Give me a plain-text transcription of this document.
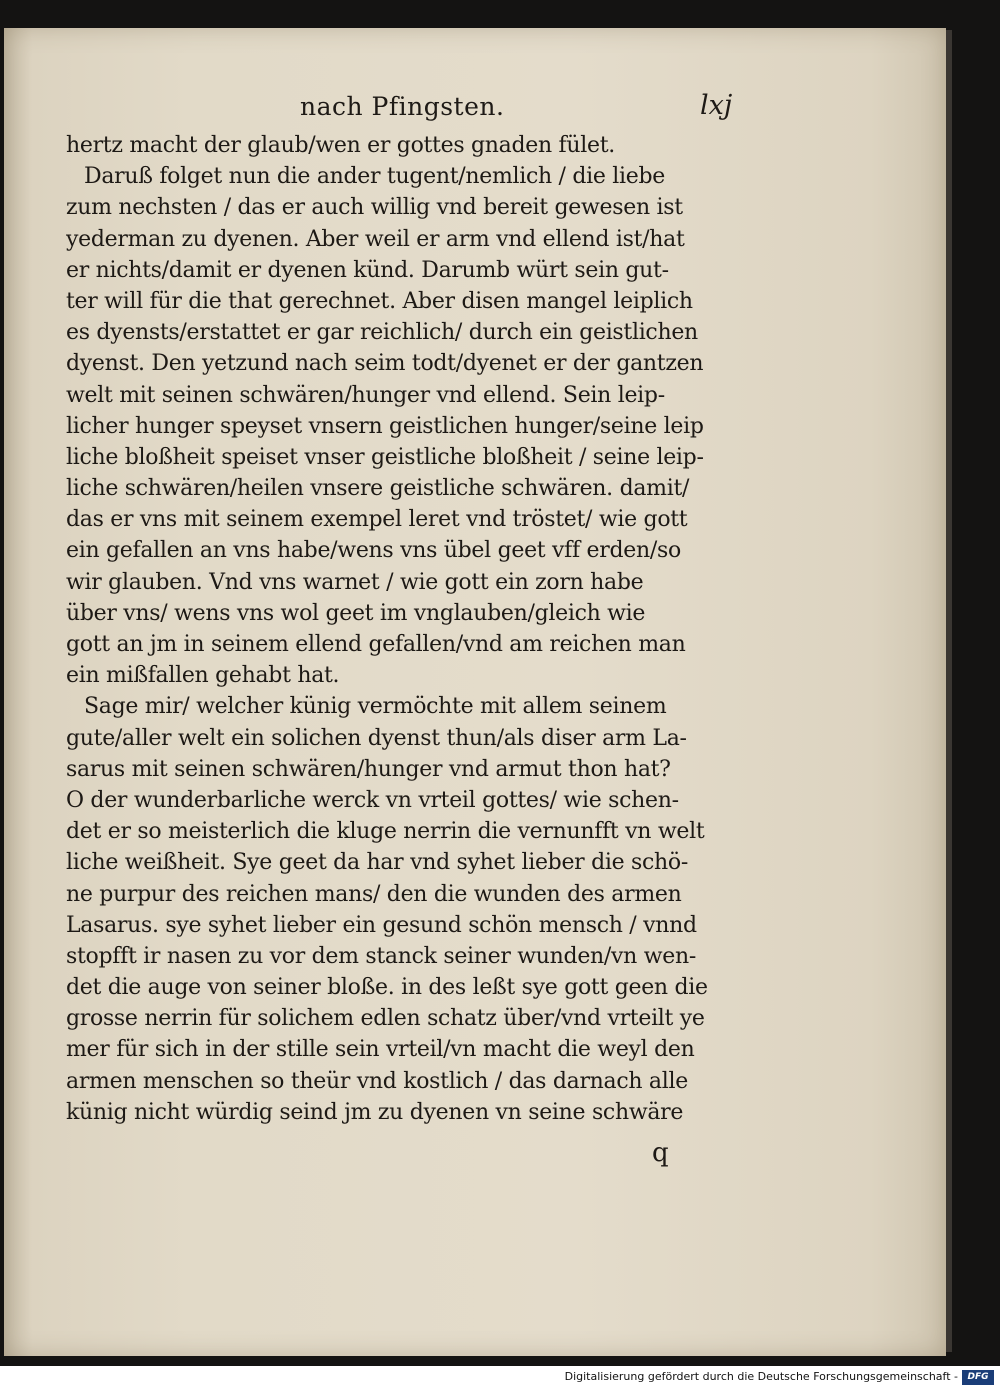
nach Pfingsten.	lxj
hertz macht der glaub/wen er gottes gnaden fület.
Daruß folget nun die ander tugent/nemlich / die liebe
zum nechsten / das er auch willig vnd bereit gewesen ist
yederman zu dyenen. Aber weil er arm vnd ellend ist/hat
er nichts/damit er dyenen künd. Darumb würt sein gut-
ter will für die that gerechnet. Aber disen mangel leiplich
es dyensts/erstattet er gar reichlich/ durch ein geistlichen
dyenst. Den yetzund nach seim todt/dyenet er der gantzen
welt mit seinen schwären/hunger vnd ellend. Sein leip-
licher hunger speyset vnsern geistlichen hunger/seine leip
liche bloßheit speiset vnser geistliche bloßheit / seine leip-
liche schwären/heilen vnsere geistliche schwären. damit/
das er vns mit seinem exempel leret vnd tröstet/ wie gott
ein gefallen an vns habe/wens vns übel geet vff erden/so
wir glauben. Vnd vns warnet / wie gott ein zorn habe
über vns/ wens vns wol geet im vnglauben/gleich wie
gott an jm in seinem ellend gefallen/vnd am reichen man
ein mißfallen gehabt hat.
Sage mir/ welcher künig vermöchte mit allem seinem
gute/aller welt ein solichen dyenst thun/als diser arm La-
sarus mit seinen schwären/hunger vnd armut thon hat?
O der wunderbarliche werck vn vrteil gottes/ wie schen-
det er so meisterlich die kluge nerrin die vernunfft vn welt
liche weißheit. Sye geet da har vnd syhet lieber die schö-
ne purpur des reichen mans/ den die wunden des armen
Lasarus. sye syhet lieber ein gesund schön mensch / vnnd
stopfft ir nasen zu vor dem stanck seiner wunden/vn wen-
det die auge von seiner bloße. in des leßt sye gott geen die
grosse nerrin für solichem edlen schatz über/vnd vrteilt ye
mer für sich in der stille sein vrteil/vn macht die weyl den
armen menschen so theür vnd kostlich / das darnach alle
künig nicht würdig seind jm zu dyenen vn seine schwäre
q
Digitalisierung gefördert durch die Deutsche Forschungsgemeinschaft -	DFG
